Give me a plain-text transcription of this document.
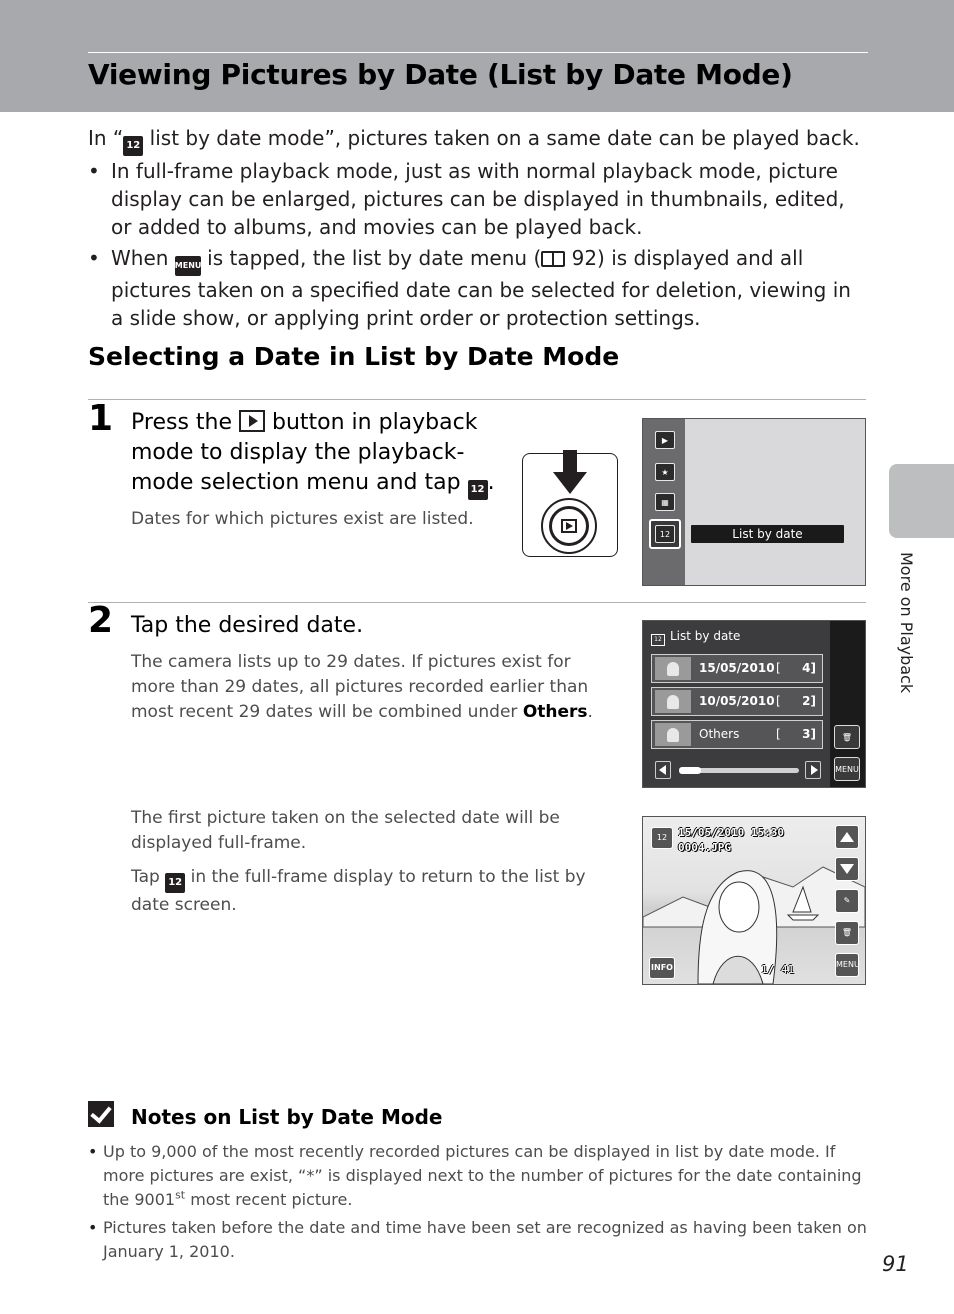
Viewing Pictures by Date (List by Date Mode)

In “ 12 list by date mode”, pictures taken on a same date can be played back.

• In full-frame playback mode, just as with normal playback mode, picture display can be enlarged, pictures can be displayed in thumbnails, edited, or added to albums, and movies can be played back.
• When MENU is tapped, the list by date menu ( 92) is displayed and all pictures taken on a specified date can be selected for deletion, viewing in a slide show, or applying print order or protection settings.
Selecting a Date in List by Date Mode
1 Press the  button in playback mode to display the playback-mode selection menu and tap 12 .

Dates for which pictures exist are listed.

▶
★
▦
12	List by date
2 Tap the desired date.

The camera lists up to 29 dates. If pictures exist for more than 29 dates, all pictures recorded earlier than most recent 29 dates will be combined under Others.

The first picture taken on the selected date will be displayed full-frame.

Tap 12 in the full-frame display to return to the list by date screen.

12 List by date
15/05/2010 [ 4]
10/05/2010 [ 2]
Others	[ 3]	🗑
MENU
12 15/05/2010 15:30
0004.JPG
✎
🗑
MENU
INFO	1/ 41
Notes on List by Date Mode
• Up to 9,000 of the most recently recorded pictures can be displayed in list by date mode. If more pictures are exist, “*” is displayed next to the number of pictures for the date containing the 9001st most recent picture.
• Pictures taken before the date and time have been set are recognized as having been taken on January 1, 2010.
More on Playback
91
